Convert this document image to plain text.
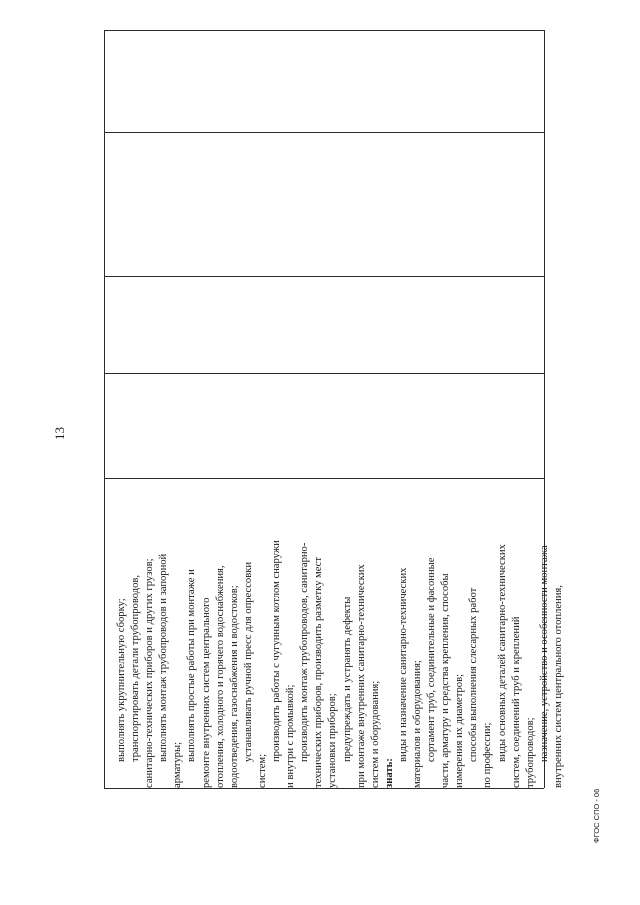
13
выполнять укрупнительную сборку; транспортировать детали трубопроводов, санитарно-технических приборов и других грузов; выполнять монтаж трубопроводов и запорной
арматуры;
выполнять простые работы при монтаже и ремонте внутренних систем центрального отопления, холодного и горячего водоснабжения, водоотведения, газоснабжения и водостоков; устанавливать ручной пресс для опрессовки
систем;
производить работы с чугунным котлом снаружи и внутри с промывкой; производить монтаж трубопроводов, санитарно- технических приборов, производить разметку мест установки приборов; предупреждать и устранять дефекты при монтаже внутренних санитарно-технических систем и оборудования; знать:
виды и назначение санитарно-технических материалов и оборудования; сортамент труб, соединительные и фасонные части, арматуру и средства крепления, способы измерения их диаметров; способы выполнения слесарных работ по профессии; виды основных деталей санитарно-технических систем, соединений труб и креплений трубопроводов; назначение, устройство и особенности монтажа внутренних систем центрального отопления,
ФГОС СПО - 06
